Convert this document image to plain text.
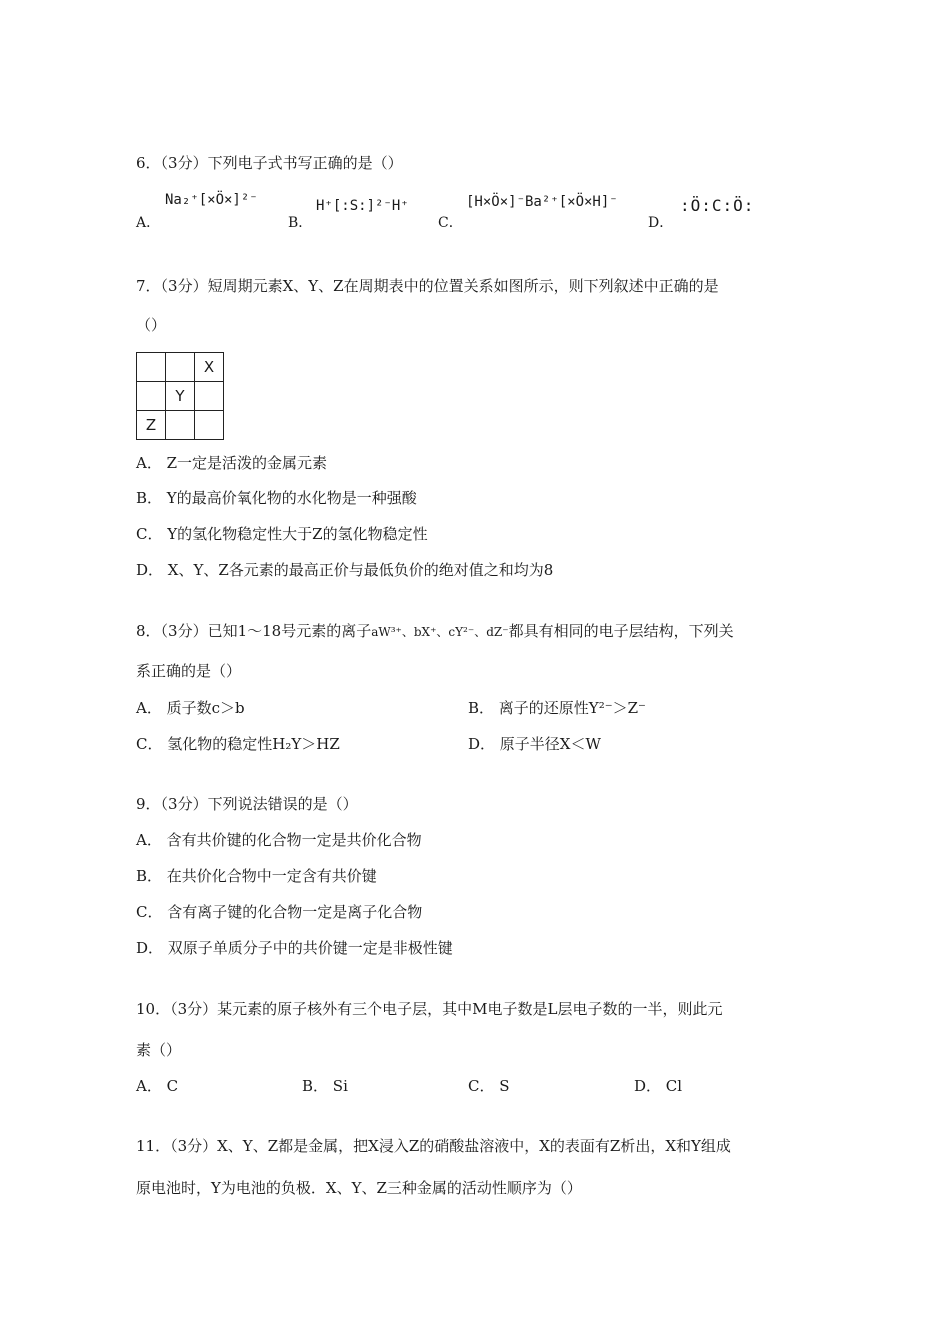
6．（3分）下列电子式书写正确的是（）
A．
Na₂⁺[×Ö×]²⁻
B．
H⁺[:S:]²⁻H⁺
C．
[H×Ö×]⁻Ba²⁺[×Ö×H]⁻
D．
:Ö:C:Ö:
7．（3分）短周期元素X、Y、Z在周期表中的位置关系如图所示，则下列叙述中正确的是
（）
		X
	Y	
Z		
A． Z一定是活泼的金属元素
B． Y的最高价氧化物的水化物是一种强酸
C． Y的氢化物稳定性大于Z的氢化物稳定性
D． X、Y、Z各元素的最高正价与最低负价的绝对值之和均为8
8．（3分）已知1～18号元素的离子aW³⁺、bX⁺、cY²⁻、dZ⁻都具有相同的电子层结构，下列关
系正确的是（）
A． 质子数c＞b	B． 离子的还原性Y²⁻＞Z⁻
C． 氢化物的稳定性H₂Y＞HZ	D． 原子半径X＜W
9．（3分）下列说法错误的是（）
A． 含有共价键的化合物一定是共价化合物
B． 在共价化合物中一定含有共价键
C． 含有离子键的化合物一定是离子化合物
D． 双原子单质分子中的共价键一定是非极性键
10．（3分）某元素的原子核外有三个电子层，其中M电子数是L层电子数的一半，则此元
素（）
A． C	B． Si	C． S	D． Cl
11．（3分）X、Y、Z都是金属，把X浸入Z的硝酸盐溶液中，X的表面有Z析出，X和Y组成
原电池时，Y为电池的负极．X、Y、Z三种金属的活动性顺序为（）
